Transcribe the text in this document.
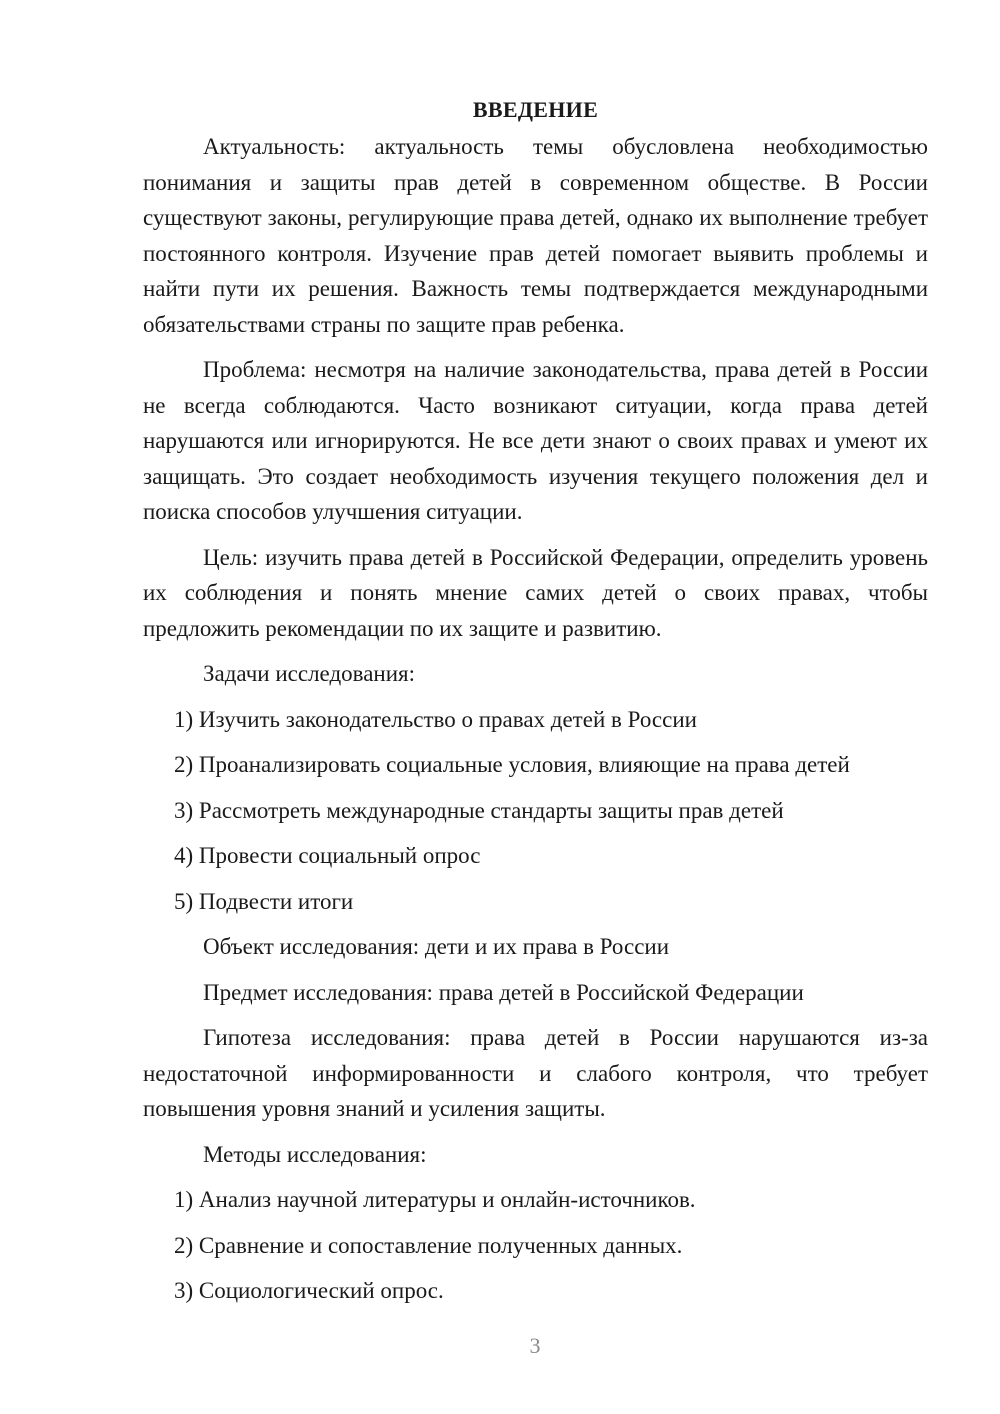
ВВЕДЕНИЕ

Актуальность: актуальность темы обусловлена необходимостью понимания и защиты прав детей в современном обществе. В России существуют законы, регулирующие права детей, однако их выполнение требует постоянного контроля. Изучение прав детей помогает выявить проблемы и найти пути их решения. Важность темы подтверждается международными обязательствами страны по защите прав ребенка.

Проблема: несмотря на наличие законодательства, права детей в России не всегда соблюдаются. Часто возникают ситуации, когда права детей нарушаются или игнорируются. Не все дети знают о своих правах и умеют их защищать. Это создает необходимость изучения текущего положения дел и поиска способов улучшения ситуации.

Цель: изучить права детей в Российской Федерации, определить уровень их соблюдения и понять мнение самих детей о своих правах, чтобы предложить рекомендации по их защите и развитию.

Задачи исследования:

1) Изучить законодательство о правах детей в России

2) Проанализировать социальные условия, влияющие на права детей

3) Рассмотреть международные стандарты защиты прав детей

4) Провести социальный опрос

5) Подвести итоги

Объект исследования: дети и их права в России

Предмет исследования: права детей в Российской Федерации

Гипотеза исследования: права детей в России нарушаются из-за недостаточной информированности и слабого контроля, что требует повышения уровня знаний и усиления защиты.

Методы исследования:

1) Анализ научной литературы и онлайн-источников.

2) Сравнение и сопоставление полученных данных.

3) Социологический опрос.

3
